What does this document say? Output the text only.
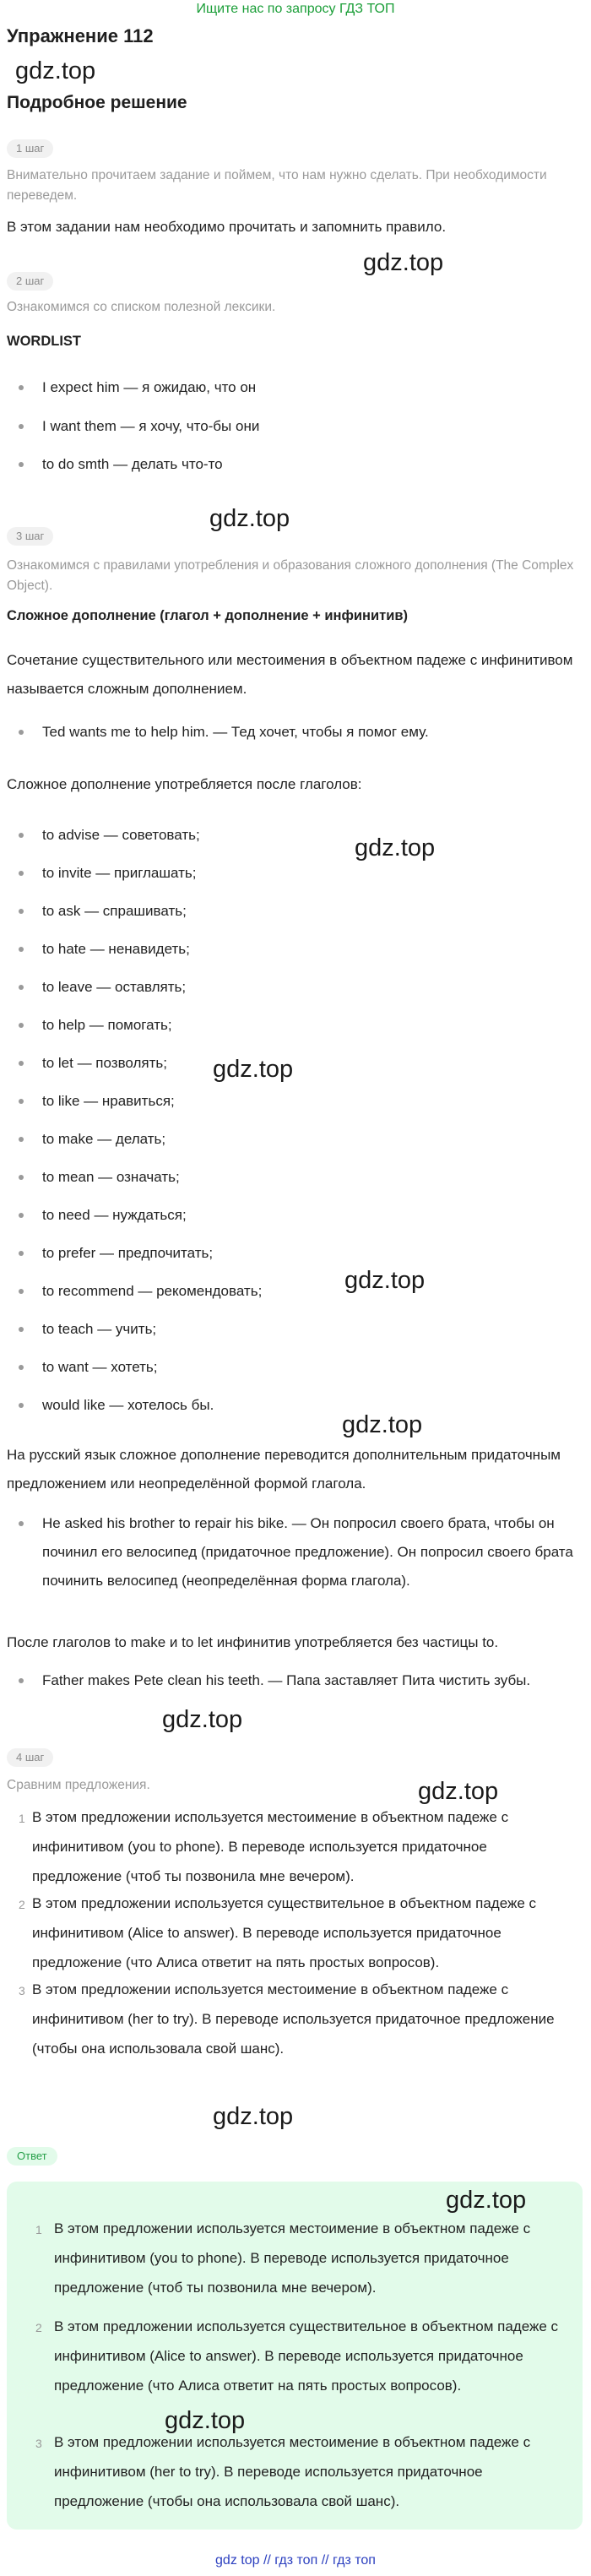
Ищите нас по запросу ГДЗ ТОП
Упражнение 112
gdz.top
gdz.top
gdz.top
gdz.top
gdz.top
gdz.top
gdz.top
gdz.top
gdz.top
gdz.top
Подробное решение
1 шаг
Внимательно прочитаем задание и поймем, что нам нужно сделать. При необходимости переведем.
В этом задании нам необходимо прочитать и запомнить правило.
2 шаг
Ознакомимся со списком полезной лексики.
WORDLIST
I expect him — я ожидаю, что он
I want them — я хочу, что-бы они
to do smth — делать что-то
3 шаг
Ознакомимся с правилами употребления и образования сложного дополнения (The Complex Object).
Сложное дополнение (глагол + дополнение + инфинитив)
Сочетание существительного или местоимения в объектном падеже с инфинитивом называется сложным дополнением.
Ted wants me to help him. — Тед хочет, чтобы я помог ему.
Сложное дополнение употребляется после глаголов:
to advise — советовать;
to invite — приглашать;
to ask — спрашивать;
to hate — ненавидеть;
to leave — оставлять;
to help — помогать;
to let — позволять;
to like — нравиться;
to make — делать;
to mean — означать;
to need — нуждаться;
to prefer — предпочитать;
to recommend — рекомендовать;
to teach — учить;
to want — хотеть;
would like — хотелось бы.
На русский язык сложное дополнение переводится дополнительным придаточным предложением или неопределённой формой глагола.
He asked his brother to repair his bike. — Он попросил своего брата, чтобы он починил его велосипед (придаточное предложение). Он попросил своего брата починить велосипед (неопределённая форма глагола).
После глаголов to make и to let инфинитив употребляется без частицы to.
Father makes Pete clean his teeth. — Папа заставляет Пита чистить зубы.
4 шаг
Сравним предложения.
1 В этом предложении используется местоимение в объектном падеже с инфинитивом (you to phone). В переводе используется придаточное предложение (чтоб ты позвонила мне вечером).
2 В этом предложении используется существительное в объектном падеже с инфинитивом (Alice to answer). В переводе используется придаточное предложение (что Алиса ответит на пять простых вопросов).
3 В этом предложении используется местоимение в объектном падеже с инфинитивом (her to try). В переводе используется придаточное предложение (чтобы она использовала свой шанс).
Ответ
gdz.top
gdz.top
1 В этом предложении используется местоимение в объектном падеже с инфинитивом (you to phone). В переводе используется придаточное предложение (чтоб ты позвонила мне вечером).
2 В этом предложении используется существительное в объектном падеже с инфинитивом (Alice to answer). В переводе используется придаточное предложение (что Алиса ответит на пять простых вопросов).
3 В этом предложении используется местоимение в объектном падеже с инфинитивом (her to try). В переводе используется придаточное предложение (чтобы она использовала свой шанс).
gdz top // гдз топ // гдз топ
